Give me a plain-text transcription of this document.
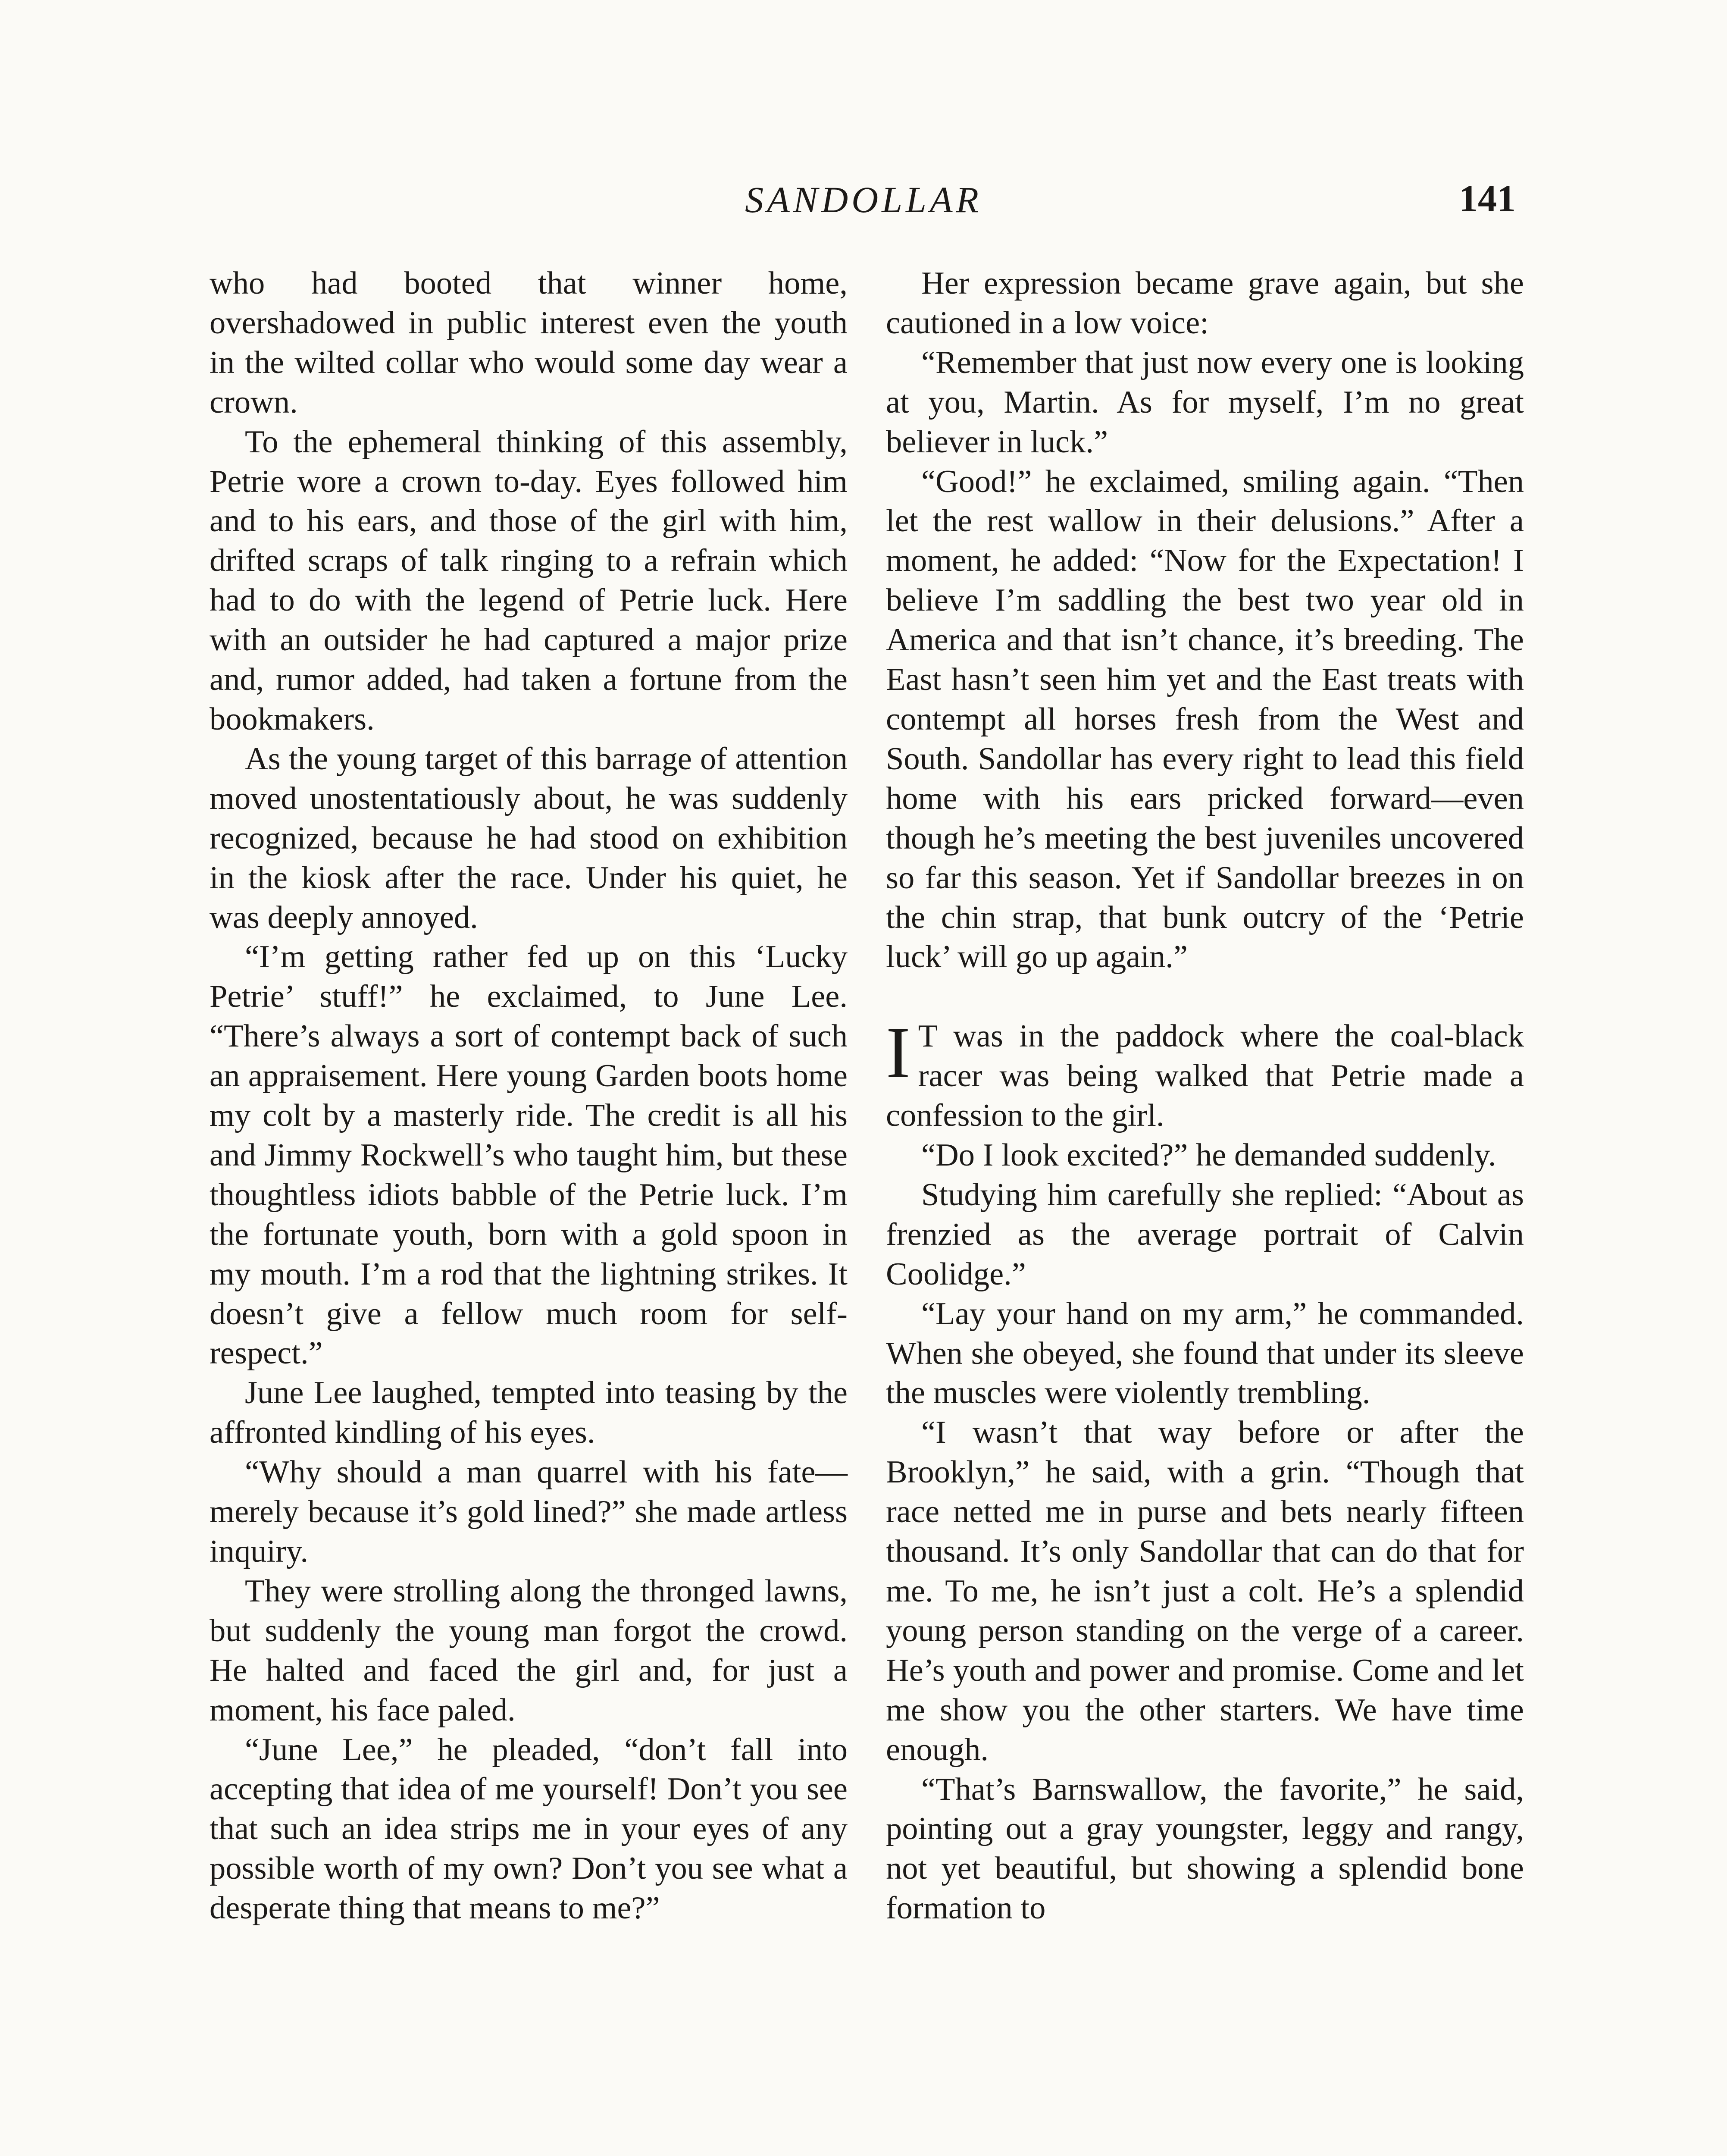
SANDOLLAR	141

who had booted that winner home, overshadowed in public interest even the youth in the wilted collar who would some day wear a crown.

To the ephemeral thinking of this assembly, Petrie wore a crown to-day. Eyes followed him and to his ears, and those of the girl with him, drifted scraps of talk ringing to a refrain which had to do with the legend of Petrie luck. Here with an outsider he had captured a major prize and, rumor added, had taken a fortune from the bookmakers.

As the young target of this barrage of attention moved unostentatiously about, he was suddenly recognized, because he had stood on exhibition in the kiosk after the race. Under his quiet, he was deeply annoyed.

“I’m getting rather fed up on this ‘Lucky Petrie’ stuff!” he exclaimed, to June Lee. “There’s always a sort of contempt back of such an appraisement. Here young Garden boots home my colt by a masterly ride. The credit is all his and Jimmy Rockwell’s who taught him, but these thoughtless idiots babble of the Petrie luck. I’m the fortunate youth, born with a gold spoon in my mouth. I’m a rod that the lightning strikes. It doesn’t give a fellow much room for self-respect.”

June Lee laughed, tempted into teasing by the affronted kindling of his eyes.

“Why should a man quarrel with his fate—merely because it’s gold lined?” she made artless inquiry.

They were strolling along the thronged lawns, but suddenly the young man forgot the crowd. He halted and faced the girl and, for just a moment, his face paled.

“June Lee,” he pleaded, “don’t fall into accepting that idea of me yourself! Don’t you see that such an idea strips me in your eyes of any possible worth of my own? Don’t you see what a desperate thing that means to me?”

Her expression became grave again, but she cautioned in a low voice:

“Remember that just now every one is looking at you, Martin. As for myself, I’m no great believer in luck.”

“Good!” he exclaimed, smiling again. “Then let the rest wallow in their delusions.” After a moment, he added: “Now for the Expectation! I believe I’m saddling the best two year old in America and that isn’t chance, it’s breeding. The East hasn’t seen him yet and the East treats with contempt all horses fresh from the West and South. Sandollar has every right to lead this field home with his ears pricked forward—even though he’s meeting the best juveniles uncovered so far this season. Yet if Sandollar breezes in on the chin strap, that bunk outcry of the ‘Petrie luck’ will go up again.”

I T was in the paddock where the coal-black racer was being walked that Petrie made a confession to the girl.

“Do I look excited?” he demanded suddenly.

Studying him carefully she replied: “About as frenzied as the average portrait of Calvin Coolidge.”

“Lay your hand on my arm,” he commanded. When she obeyed, she found that under its sleeve the muscles were violently trembling.

“I wasn’t that way before or after the Brooklyn,” he said, with a grin. “Though that race netted me in purse and bets nearly fifteen thousand. It’s only Sandollar that can do that for me. To me, he isn’t just a colt. He’s a splendid young person standing on the verge of a career. He’s youth and power and promise. Come and let me show you the other starters. We have time enough.

“That’s Barnswallow, the favorite,” he said, pointing out a gray youngster, leggy and rangy, not yet beautiful, but showing a splendid bone formation to
